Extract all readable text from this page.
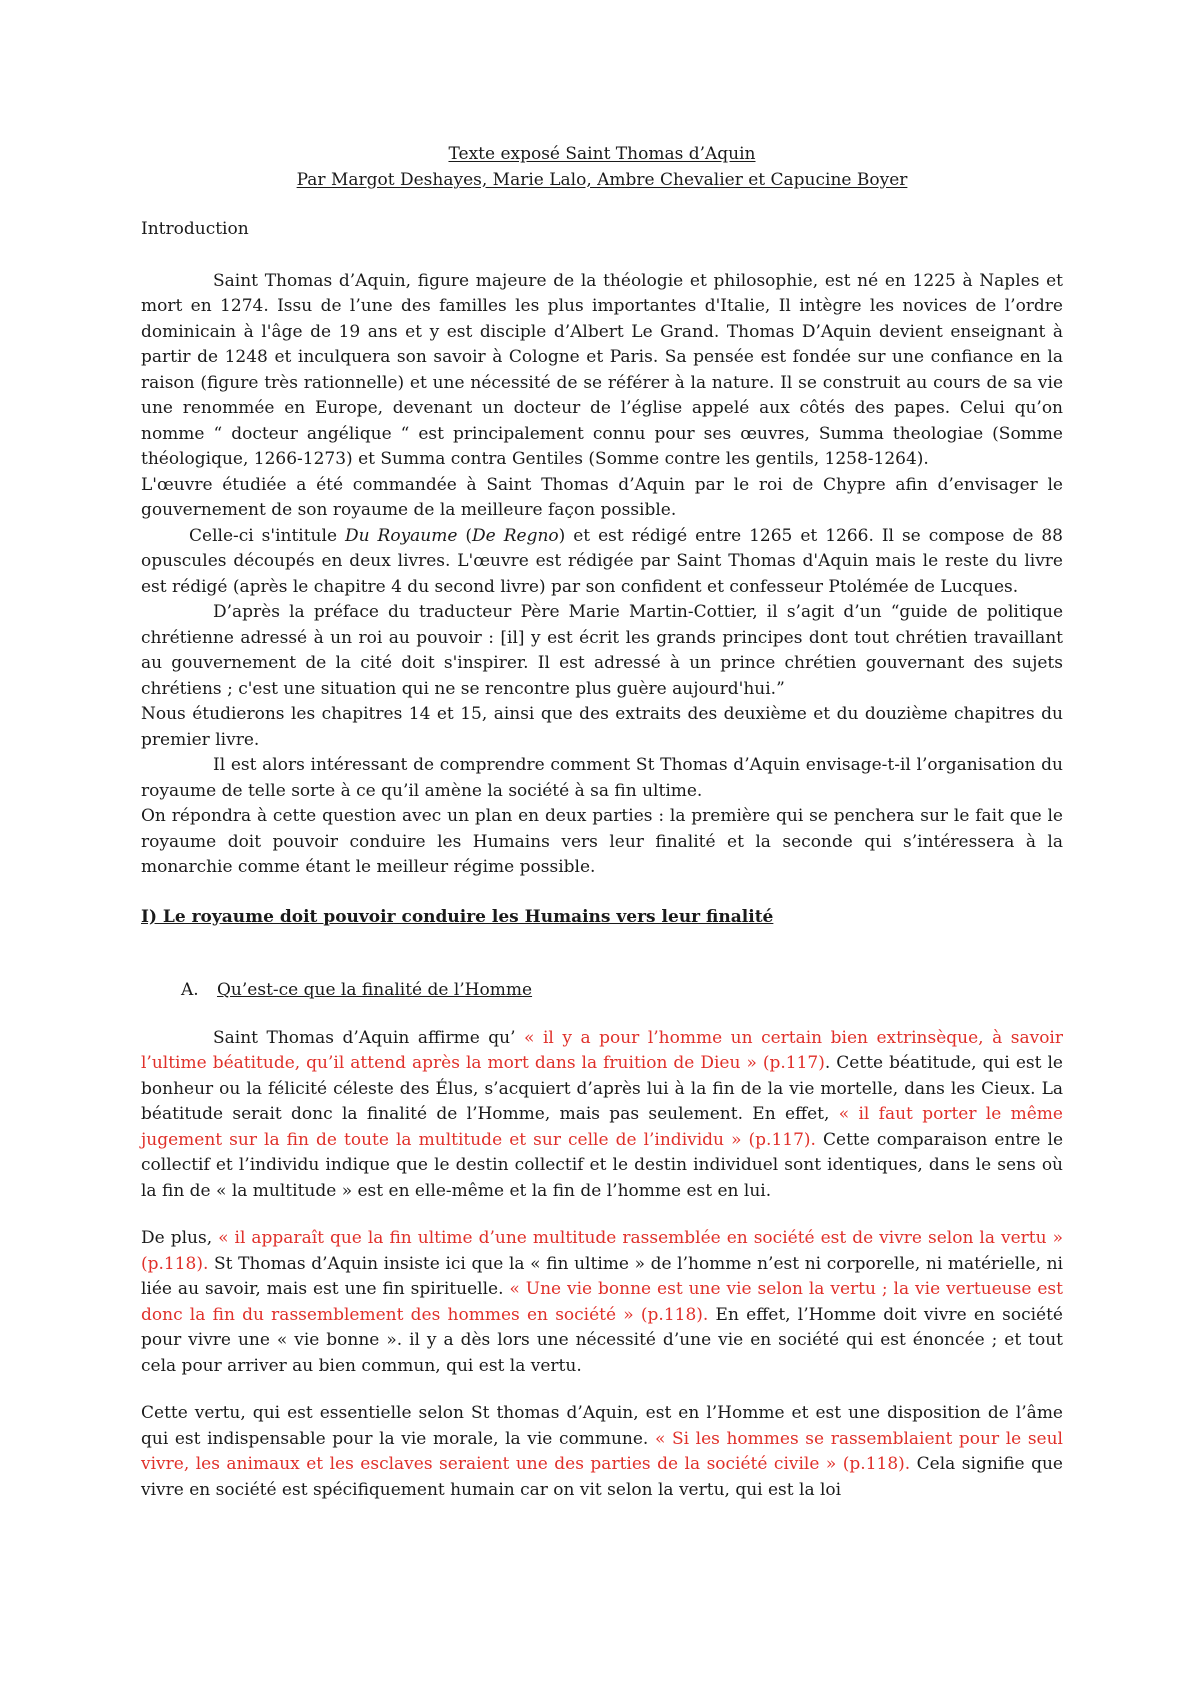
Texte exposé Saint Thomas d’Aquin
Par Margot Deshayes, Marie Lalo, Ambre Chevalier et Capucine Boyer

Introduction

Saint Thomas d’Aquin, figure majeure de la théologie et philosophie, est né en 1225 à Naples et mort en 1274. Issu de l’une des familles les plus importantes d'Italie, Il intègre les novices de l’ordre dominicain à l'âge de 19 ans et y est disciple d’Albert Le Grand. Thomas D’Aquin devient enseignant à partir de 1248 et inculquera son savoir à Cologne et Paris. Sa pensée est fondée sur une confiance en la raison (figure très rationnelle) et une nécessité de se référer à la nature. Il se construit au cours de sa vie une renommée en Europe, devenant un docteur de l’église appelé aux côtés des papes. Celui qu’on nomme “ docteur angélique “ est principalement connu pour ses œuvres, Summa theologiae (Somme théologique, 1266-1273) et Summa contra Gentiles (Somme contre les gentils, 1258-1264).

L'œuvre étudiée a été commandée à Saint Thomas d’Aquin par le roi de Chypre afin d’envisager le gouvernement de son royaume de la meilleure façon possible.

Celle-ci s'intitule Du Royaume (De Regno) et est rédigé entre 1265 et 1266. Il se compose de 88 opuscules découpés en deux livres. L'œuvre est rédigée par Saint Thomas d'Aquin mais le reste du livre est rédigé (après le chapitre 4 du second livre) par son confident et confesseur Ptolémée de Lucques.

D’après la préface du traducteur Père Marie Martin-Cottier, il s’agit d’un “guide de politique chrétienne adressé à un roi au pouvoir : [il] y est écrit les grands principes dont tout chrétien travaillant au gouvernement de la cité doit s'inspirer. Il est adressé à un prince chrétien gouvernant des sujets chrétiens ; c'est une situation qui ne se rencontre plus guère aujourd'hui.”

Nous étudierons les chapitres 14 et 15, ainsi que des extraits des deuxième et du douzième chapitres du premier livre.

Il est alors intéressant de comprendre comment St Thomas d’Aquin envisage-t-il l’organisation du royaume de telle sorte à ce qu’il amène la société à sa fin ultime.

On répondra à cette question avec un plan en deux parties : la première qui se penchera sur le fait que le royaume doit pouvoir conduire les Humains vers leur finalité et la seconde qui s’intéressera à la monarchie comme étant le meilleur régime possible.

I) Le royaume doit pouvoir conduire les Humains vers leur finalité

A. Qu’est-ce que la finalité de l’Homme

Saint Thomas d’Aquin affirme qu’ « il y a pour l’homme un certain bien extrinsèque, à savoir l’ultime béatitude, qu’il attend après la mort dans la fruition de Dieu » (p.117). Cette béatitude, qui est le bonheur ou la félicité céleste des Élus, s’acquiert d’après lui à la fin de la vie mortelle, dans les Cieux. La béatitude serait donc la finalité de l’Homme, mais pas seulement. En effet, « il faut porter le même jugement sur la fin de toute la multitude et sur celle de l’individu » (p.117). Cette comparaison entre le collectif et l’individu indique que le destin collectif et le destin individuel sont identiques, dans le sens où la fin de « la multitude » est en elle-même et la fin de l’homme est en lui.

De plus, « il apparaît que la fin ultime d’une multitude rassemblée en société est de vivre selon la vertu » (p.118). St Thomas d’Aquin insiste ici que la « fin ultime » de l’homme n’est ni corporelle, ni matérielle, ni liée au savoir, mais est une fin spirituelle. « Une vie bonne est une vie selon la vertu ; la vie vertueuse est donc la fin du rassemblement des hommes en société » (p.118). En effet, l’Homme doit vivre en société pour vivre une « vie bonne ». il y a dès lors une nécessité d’une vie en société qui est énoncée ; et tout cela pour arriver au bien commun, qui est la vertu.

Cette vertu, qui est essentielle selon St thomas d’Aquin, est en l’Homme et est une disposition de l’âme qui est indispensable pour la vie morale, la vie commune. « Si les hommes se rassemblaient pour le seul vivre, les animaux et les esclaves seraient une des parties de la société civile » (p.118). Cela signifie que vivre en société est spécifiquement humain car on vit selon la vertu, qui est la loi
